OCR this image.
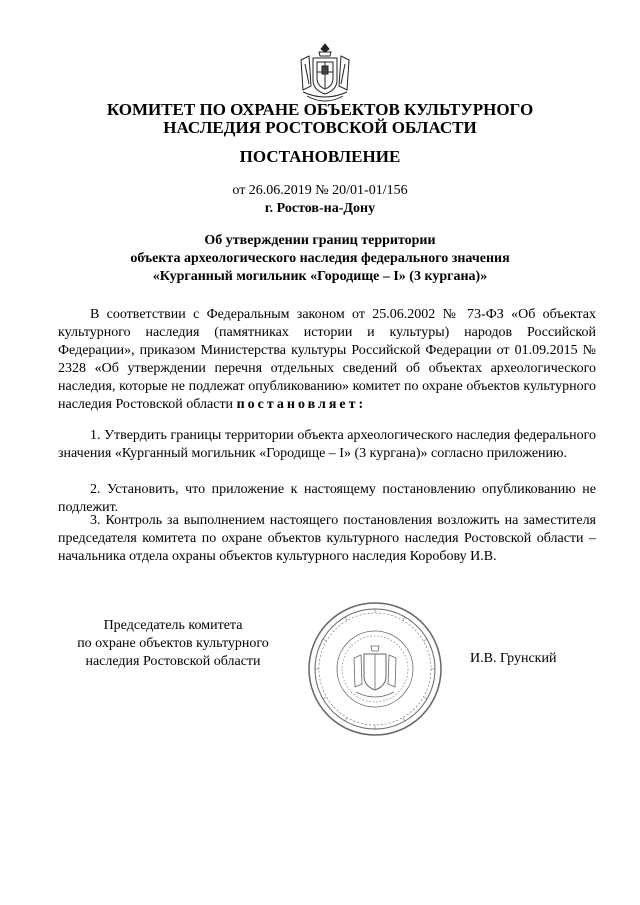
КОМИТЕТ ПО ОХРАНЕ ОБЪЕКТОВ КУЛЬТУРНОГО
НАСЛЕДИЯ РОСТОВСКОЙ ОБЛАСТИ
ПОСТАНОВЛЕНИЕ
от 26.06.2019 № 20/01-01/156
г. Ростов-на-Дону
Об утверждении границ территории
объекта археологического наследия федерального значения
«Курганный могильник «Городище – I» (3 кургана)»

В соответствии с Федеральным законом от 25.06.2002 № 73-ФЗ «Об объектах культурного наследия (памятниках истории и культуры) народов Российской Федерации», приказом Министерства культуры Российской Федерации от 01.09.2015 № 2328 «Об утверждении перечня отдельных сведений об объектах археологического наследия, которые не подлежат опубликованию» комитет по охране объектов культурного наследия Ростовской области постановляет:

1. Утвердить границы территории объекта археологического наследия федерального значения «Курганный могильник «Городище – I» (3 кургана)» согласно приложению.

2. Установить, что приложение к настоящему постановлению опубликованию не подлежит.

3. Контроль за выполнением настоящего постановления возложить на заместителя председателя комитета по охране объектов культурного наследия Ростовской области – начальника отдела охраны объектов культурного наследия Коробову И.В.

Председатель комитета
по охране объектов культурного
наследия Ростовской области	И.В. Грунский
